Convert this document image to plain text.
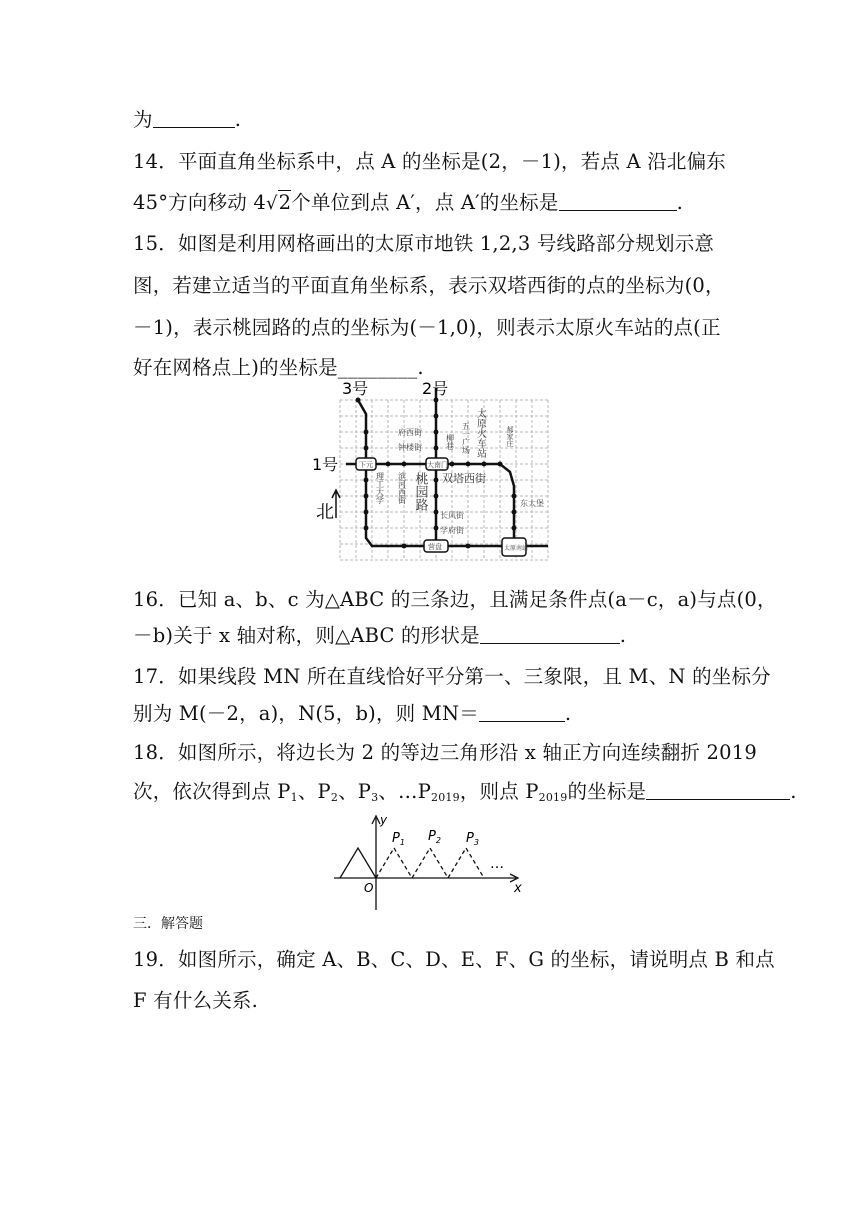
为	.
14．平面直角坐标系中，点 A 的坐标是(2，－1)，若点 A 沿北偏东
45°方向移动 4√2个单位到点 A′，点 A′的坐标是	.
15．如图是利用网格画出的太原市地铁 1,2,3 号线路部分规划示意
图，若建立适当的平面直角坐标系，表示双塔西街的点的坐标为(0，
－1)，表示桃园路的点的坐标为(－1,0)，则表示太原火车站的点(正
好在网格点上)的坐标是________.
3号	2号
1号
北
府西街
钟楼街
下元	大南门
双塔西街
长风街
学府街
营盘
东太堡
太原南站
太原火车站
五一广场
柳巷	郝家庄
理工大学 滨河西街 桃园路
16．已知 a、b、c 为△ABC 的三条边，且满足条件点(a－c，a)与点(0，
－b)关于 x 轴对称，则△ABC 的形状是	.
17．如果线段 MN 所在直线恰好平分第一、三象限，且 M、N 的坐标分
别为 M(－2，a)，N(5，b)，则 MN＝	.
18．如图所示，将边长为 2 的等边三角形沿 x 轴正方向连续翻折 2019
次，依次得到点 $P_1$、$P_2$、$P_3$、$\dots P_{2019}$，则点 $P_{2019}$的坐标是	.
y
x
O
$P_1$ $P_2$ $P_3$
…
三．解答题
19．如图所示，确定 A、B、C、D、E、F、G 的坐标，请说明点 B 和点
F 有什么关系.
